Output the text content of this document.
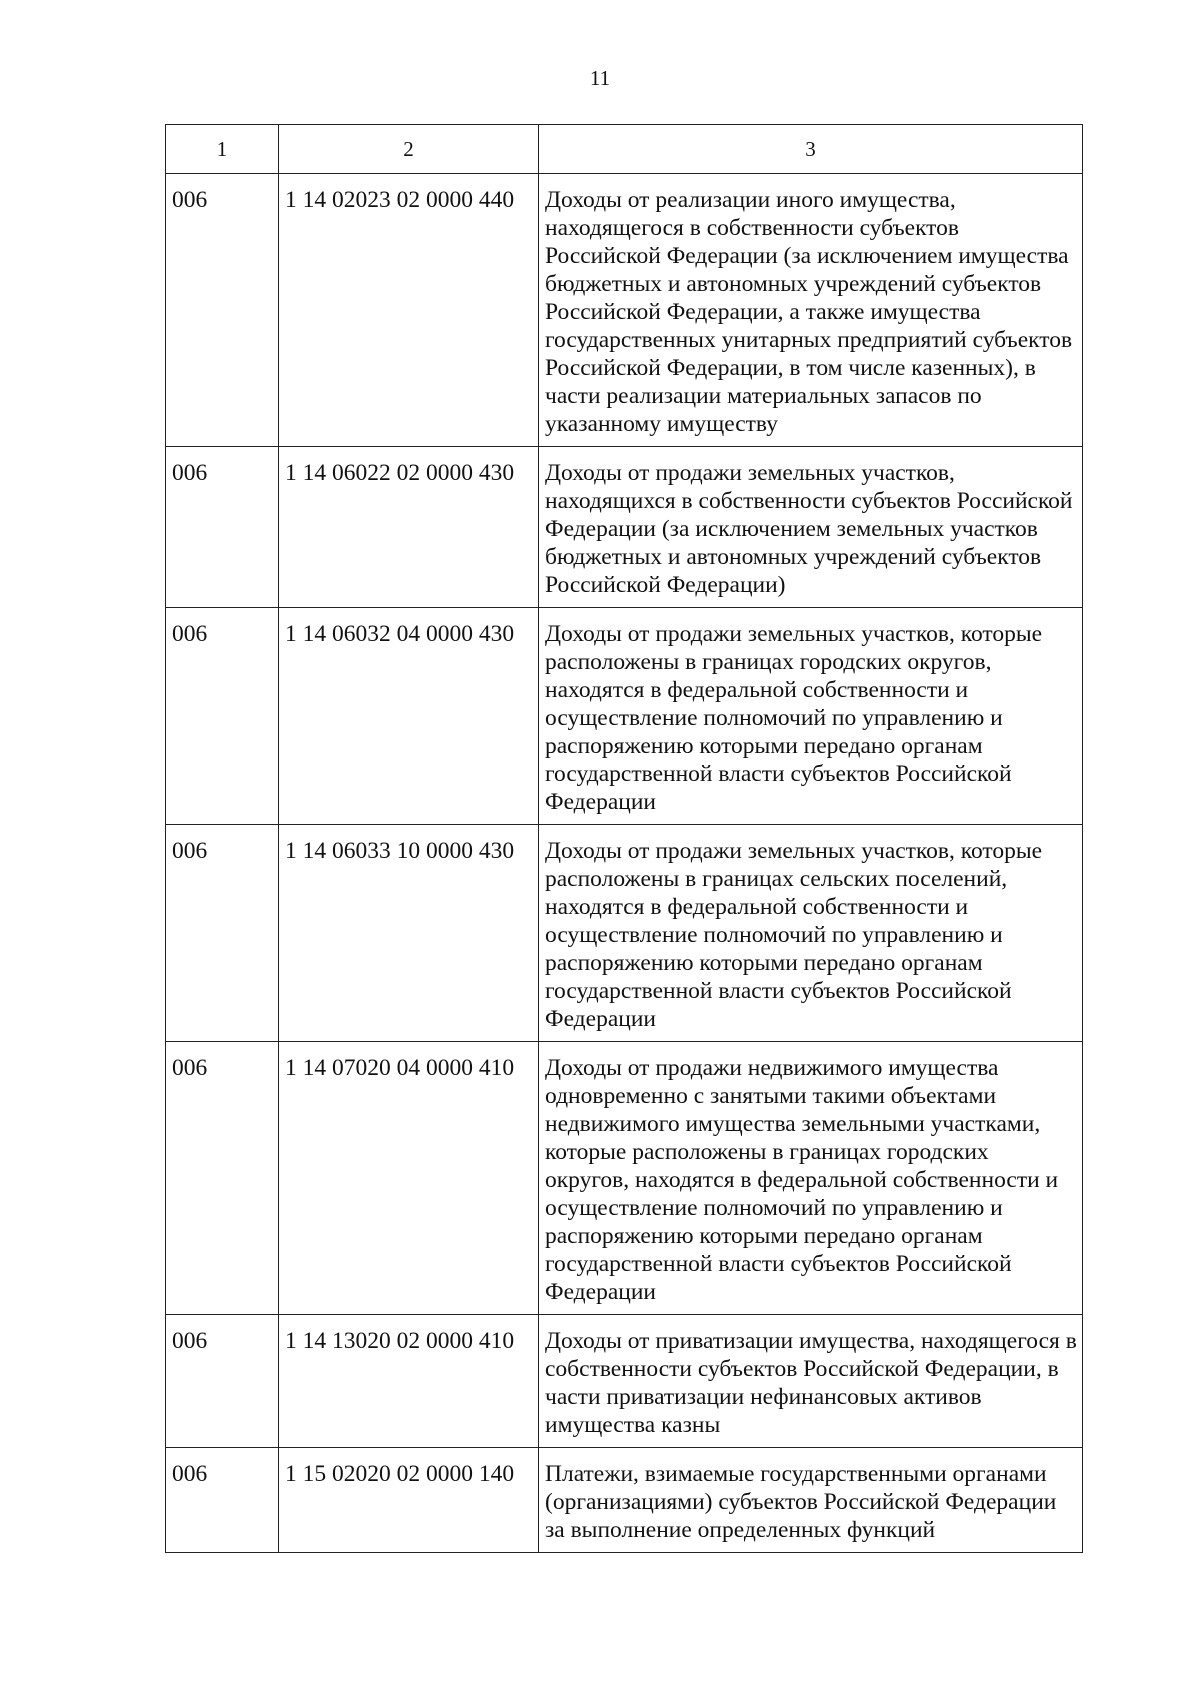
11
1	2	3
006	1 14 02023 02 0000 440	Доходы от реализации иного имущества, находящегося в собственности субъектов Российской Федерации (за исключением имущества бюджетных и автономных учреждений субъектов Российской Федерации, а также имущества государственных унитарных предприятий субъектов Российской Федерации, в том числе казенных), в части реализации материальных запасов по указанному имуществу
006	1 14 06022 02 0000 430	Доходы от продажи земельных участков, находящихся в собственности субъектов Российской Федерации (за исключением земельных участков бюджетных и автономных учреждений субъектов Российской Федерации)
006	1 14 06032 04 0000 430	Доходы от продажи земельных участков, которые расположены в границах городских округов, находятся в федеральной собственности и осуществление полномочий по управлению и распоряжению которыми передано органам государственной власти субъектов Российской Федерации
006	1 14 06033 10 0000 430	Доходы от продажи земельных участков, которые расположены в границах сельских поселений, находятся в федеральной собственности и осуществление полномочий по управлению и распоряжению которыми передано органам государственной власти субъектов Российской Федерации
006	1 14 07020 04 0000 410	Доходы от продажи недвижимого имущества одновременно с занятыми такими объектами недвижимого имущества земельными участками, которые расположены в границах городских округов, находятся в федеральной собственности и осуществление полномочий по управлению и распоряжению которыми передано органам государственной власти субъектов Российской Федерации
006	1 14 13020 02 0000 410	Доходы от приватизации имущества, находящегося в собственности субъектов Российской Федерации, в части приватизации нефинансовых активов имущества казны
006	1 15 02020 02 0000 140	Платежи, взимаемые государственными органами (организациями) субъектов Российской Федерации за выполнение определенных функций
